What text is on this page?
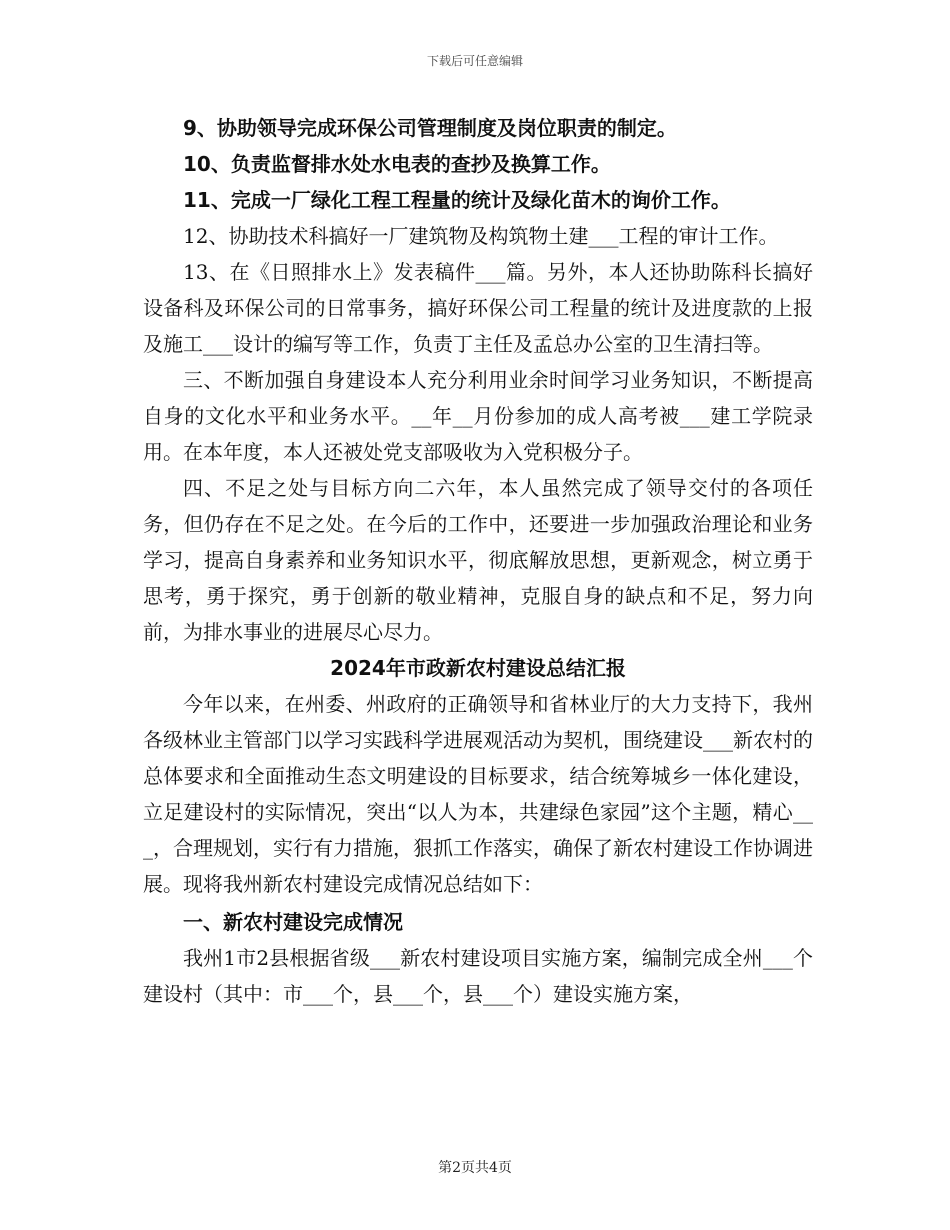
下载后可任意编辑

9、协助领导完成环保公司管理制度及岗位职责的制定。

10、负责监督排水处水电表的查抄及换算工作。

11、完成一厂绿化工程工程量的统计及绿化苗木的询价工作。

12、协助技术科搞好一厂建筑物及构筑物土建___工程的审计工作。

13、在《日照排水上》发表稿件___篇。另外，本人还协助陈科长搞好设备科及环保公司的日常事务，搞好环保公司工程量的统计及进度款的上报及施工___设计的编写等工作，负责丁主任及孟总办公室的卫生清扫等。

三、不断加强自身建设本人充分利用业余时间学习业务知识，不断提高自身的文化水平和业务水平。__年__月份参加的成人高考被___建工学院录用。在本年度，本人还被处党支部吸收为入党积极分子。

四、不足之处与目标方向二六年，本人虽然完成了领导交付的各项任务，但仍存在不足之处。在今后的工作中，还要进一步加强政治理论和业务学习，提高自身素养和业务知识水平，彻底解放思想，更新观念，树立勇于思考，勇于探究，勇于创新的敬业精神，克服自身的缺点和不足，努力向前，为排水事业的进展尽心尽力。

2024年市政新农村建设总结汇报

今年以来，在州委、州政府的正确领导和省林业厅的大力支持下，我州各级林业主管部门以学习实践科学进展观活动为契机，围绕建设___新农村的总体要求和全面推动生态文明建设的目标要求，结合统筹城乡一体化建设，立足建设村的实际情况，突出“以人为本，共建绿色家园”这个主题，精心___，合理规划，实行有力措施，狠抓工作落实，确保了新农村建设工作协调进展。现将我州新农村建设完成情况总结如下：

一、新农村建设完成情况

我州1市2县根据省级___新农村建设项目实施方案，编制完成全州___个建设村（其中：市___个，县___个，县___个）建设实施方案，

第2页共4页
